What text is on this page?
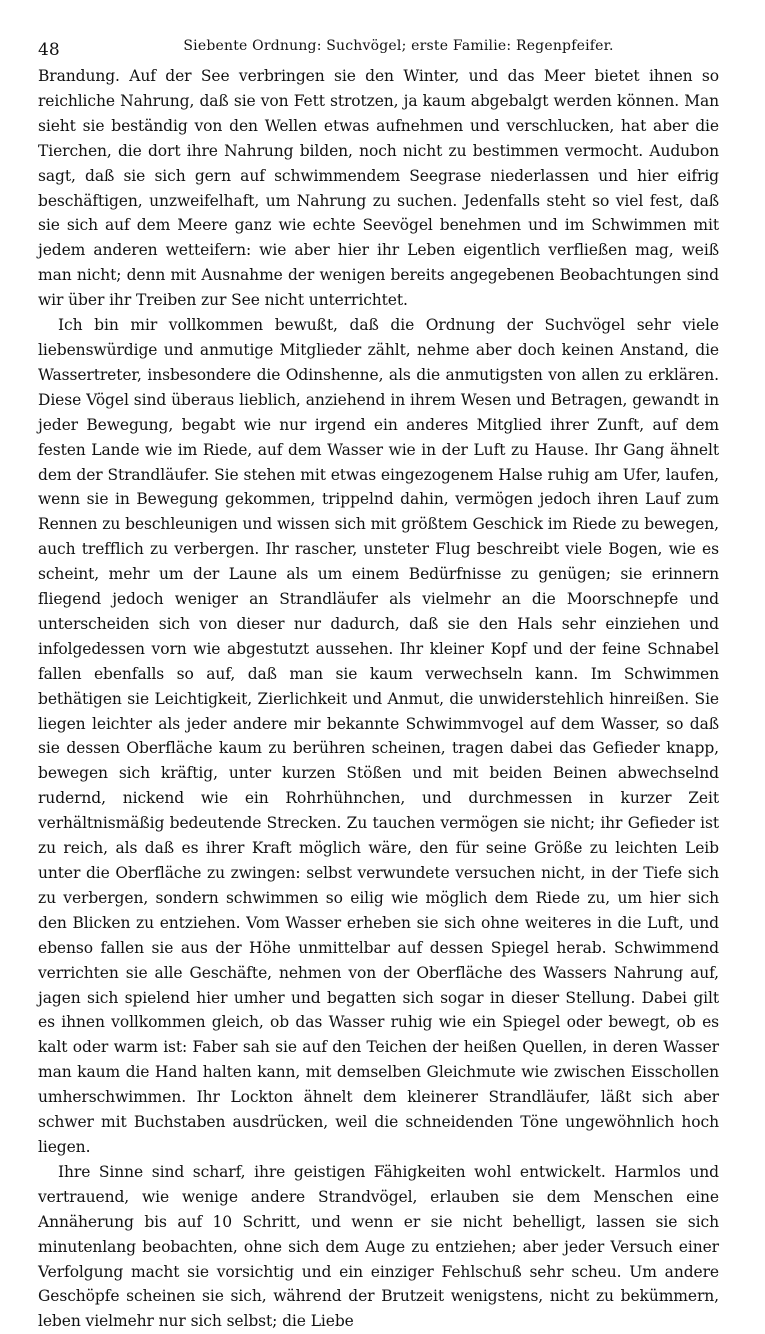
48	Siebente Ordnung: Suchvögel; erste Familie: Regenpfeifer.

Brandung. Auf der See verbringen sie den Winter, und das Meer bietet ihnen so reichliche Nahrung, daß sie von Fett strotzen, ja kaum abgebalgt werden können. Man sieht sie beständig von den Wellen etwas aufnehmen und verschlucken, hat aber die Tierchen, die dort ihre Nahrung bilden, noch nicht zu bestimmen vermocht. Audubon sagt, daß sie sich gern auf schwimmendem Seegrase niederlassen und hier eifrig beschäftigen, unzweifelhaft, um Nahrung zu suchen. Jedenfalls steht so viel fest, daß sie sich auf dem Meere ganz wie echte Seevögel benehmen und im Schwimmen mit jedem anderen wetteifern: wie aber hier ihr Leben eigentlich verfließen mag, weiß man nicht; denn mit Ausnahme der wenigen bereits angegebenen Beobachtungen sind wir über ihr Treiben zur See nicht unterrichtet.

Ich bin mir vollkommen bewußt, daß die Ordnung der Suchvögel sehr viele liebenswürdige und anmutige Mitglieder zählt, nehme aber doch keinen Anstand, die Wassertreter, insbesondere die Odinshenne, als die anmutigsten von allen zu erklären. Diese Vögel sind überaus lieblich, anziehend in ihrem Wesen und Betragen, gewandt in jeder Bewegung, begabt wie nur irgend ein anderes Mitglied ihrer Zunft, auf dem festen Lande wie im Riede, auf dem Wasser wie in der Luft zu Hause. Ihr Gang ähnelt dem der Strandläufer. Sie stehen mit etwas eingezogenem Halse ruhig am Ufer, laufen, wenn sie in Bewegung gekommen, trippelnd dahin, vermögen jedoch ihren Lauf zum Rennen zu beschleunigen und wissen sich mit größtem Geschick im Riede zu bewegen, auch trefflich zu verbergen. Ihr rascher, unsteter Flug beschreibt viele Bogen, wie es scheint, mehr um der Laune als um einem Bedürfnisse zu genügen; sie erinnern fliegend jedoch weniger an Strandläufer als vielmehr an die Moorschnepfe und unterscheiden sich von dieser nur dadurch, daß sie den Hals sehr einziehen und infolgedessen vorn wie abgestutzt aussehen. Ihr kleiner Kopf und der feine Schnabel fallen ebenfalls so auf, daß man sie kaum verwechseln kann. Im Schwimmen bethätigen sie Leichtigkeit, Zierlichkeit und Anmut, die unwiderstehlich hinreißen. Sie liegen leichter als jeder andere mir bekannte Schwimmvogel auf dem Wasser, so daß sie dessen Oberfläche kaum zu berühren scheinen, tragen dabei das Gefieder knapp, bewegen sich kräftig, unter kurzen Stößen und mit beiden Beinen abwechselnd rudernd, nickend wie ein Rohrhühnchen, und durchmessen in kurzer Zeit verhältnismäßig bedeutende Strecken. Zu tauchen vermögen sie nicht; ihr Gefieder ist zu reich, als daß es ihrer Kraft möglich wäre, den für seine Größe zu leichten Leib unter die Oberfläche zu zwingen: selbst verwundete versuchen nicht, in der Tiefe sich zu verbergen, sondern schwimmen so eilig wie möglich dem Riede zu, um hier sich den Blicken zu entziehen. Vom Wasser erheben sie sich ohne weiteres in die Luft, und ebenso fallen sie aus der Höhe unmittelbar auf dessen Spiegel herab. Schwimmend verrichten sie alle Geschäfte, nehmen von der Oberfläche des Wassers Nahrung auf, jagen sich spielend hier umher und begatten sich sogar in dieser Stellung. Dabei gilt es ihnen vollkommen gleich, ob das Wasser ruhig wie ein Spiegel oder bewegt, ob es kalt oder warm ist: Faber sah sie auf den Teichen der heißen Quellen, in deren Wasser man kaum die Hand halten kann, mit demselben Gleichmute wie zwischen Eisschollen umherschwimmen. Ihr Lockton ähnelt dem kleinerer Strandläufer, läßt sich aber schwer mit Buchstaben ausdrücken, weil die schneidenden Töne ungewöhnlich hoch liegen.

Ihre Sinne sind scharf, ihre geistigen Fähigkeiten wohl entwickelt. Harmlos und vertrauend, wie wenige andere Strandvögel, erlauben sie dem Menschen eine Annäherung bis auf 10 Schritt, und wenn er sie nicht behelligt, lassen sie sich minutenlang beobachten, ohne sich dem Auge zu entziehen; aber jeder Versuch einer Verfolgung macht sie vorsichtig und ein einziger Fehlschuß sehr scheu. Um andere Geschöpfe scheinen sie sich, während der Brutzeit wenigstens, nicht zu bekümmern, leben vielmehr nur sich selbst; die Liebe
